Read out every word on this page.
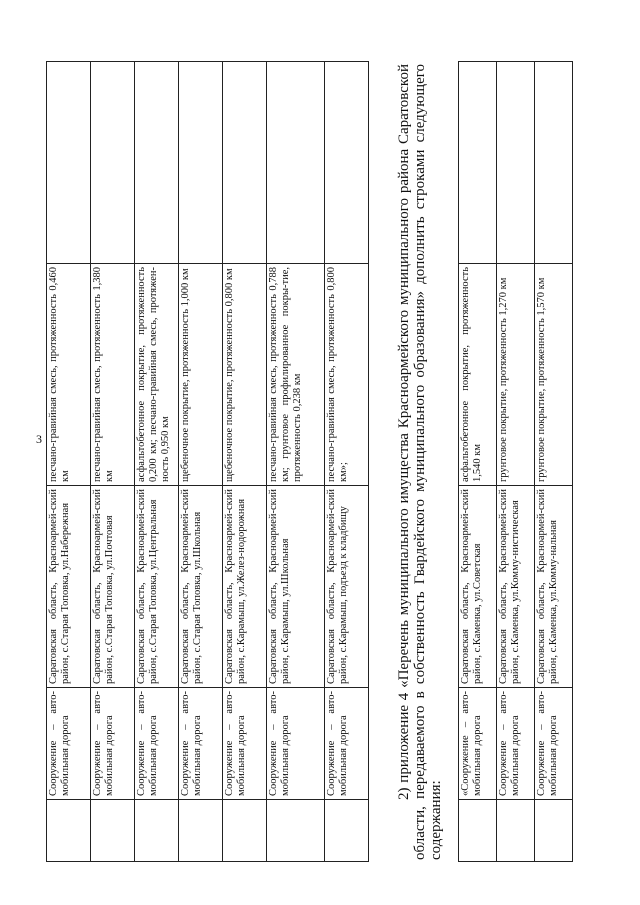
3
	Сооружение – авто-мобильная дорога	Саратовская область, Красноармей-ский район, с.Старая Топовка, ул.Набережная	песчано-гравийная смесь, протяженность 0,460 км	
	Сооружение – авто-мобильная дорога	Саратовская область, Красноармей-ский район, с.Старая Топовка, ул.Почтовая	песчано-гравийная смесь, протяженность 1,380 км	
	Сооружение – авто-мобильная дорога	Саратовская область, Красноармей-ский район, с.Старая Топовка, ул.Центральная	асфальтобетонное покрытие, протяженность 0,200 км; песчано-гравийная смесь, протяжен-ность 0,950 км	
	Сооружение – авто-мобильная дорога	Саратовская область, Красноармей-ский район, с.Старая Топовка, ул.Школьная	щебеночное покрытие, протяженность 1,000 км	
	Сооружение – авто-мобильная дорога	Саратовская область, Красноармей-ский район, с.Карамыш, ул.Желез-нодорожная	щебеночное покрытие, протяженность 0,800 км	
	Сооружение – авто-мобильная дорога	Саратовская область, Красноармей-ский район, с.Карамыш, ул.Школьная	песчано-гравийная смесь, протяженность 0,788 км; грунтовое профилированное покры-тие, протяженность 0,238 км	
	Сооружение – авто-мобильная дорога	Саратовская область, Красноармей-ский район, с.Карамыш, подъезд к кладбищу	песчано-гравийная смесь, протяженность 0,800 км»;		2) приложение 4 «Перечень муниципального имущества Красноармейского муниципального района Саратовской области, передаваемого в собственность Гвардейского муниципального образования» дополнить строками следующего содержания:

	«Сооружение – авто-мобильная дорога	Саратовская область, Красноармей-ский район, с.Каменка, ул.Советская	асфальтобетонное покрытие, протяженность 1,540 км	
	Сооружение – авто-мобильная дорога	Саратовская область, Красноармей-ский район, с.Каменка, ул.Комму-нистическая	грунтовое покрытие, протяженность 1,270 км	
	Сооружение – авто-мобильная дорога	Саратовская область, Красноармей-ский район, с.Каменка, ул.Комму-нальная	грунтовое покрытие, протяженность 1,570 км	
